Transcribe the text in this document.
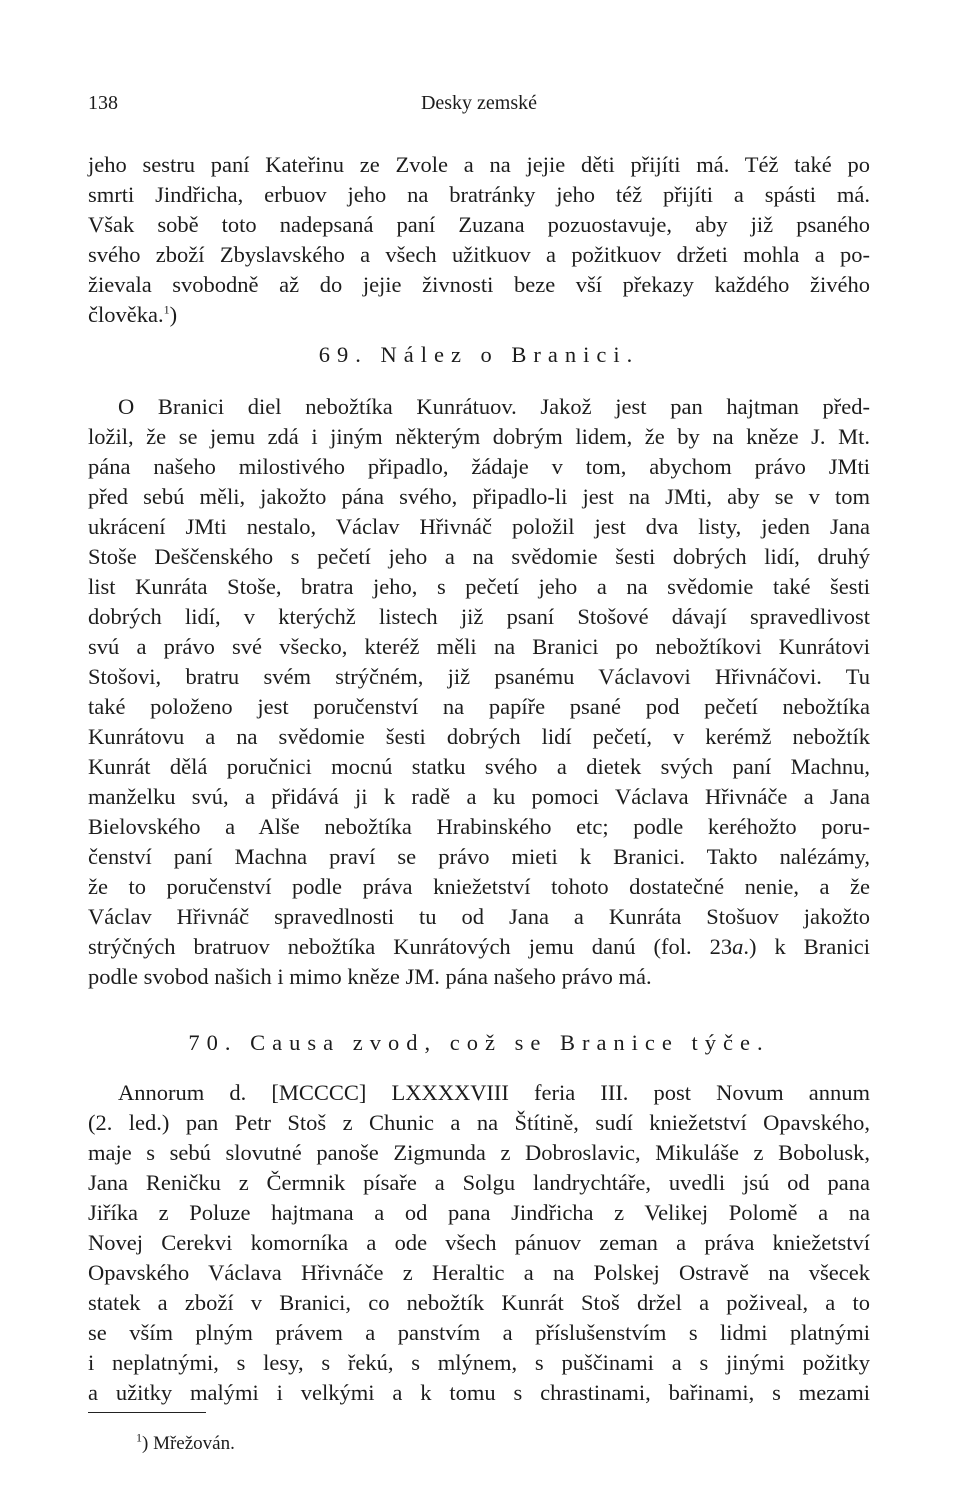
138	Desky zemské
jeho sestru paní Kateřinu ze Zvole a na jejie děti přijíti má. Též také po
smrti Jindřicha, erbuov jeho na bratránky jeho též přijíti a spásti má.
Však sobě toto nadepsaná paní Zuzana pozuostavuje, aby již psaného
svého zboží Zbyslavského a všech užitkuov a požitkuov držeti mohla a po-
žievala svobodně až do jejie živnosti beze vší překazy každého živého
člověka.$^1$)
69. Nález o Branici.
O Branici diel nebožtíka Kunrátuov. Jakož jest pan hajtman před-
ložil, že se jemu zdá i jiným některým dobrým lidem, že by na kněze J. Mt.
pána našeho milostivého připadlo, žádaje v tom, abychom právo JMti
před sebú měli, jakožto pána svého, připadlo-li jest na JMti, aby se v tom
ukrácení JMti nestalo, Václav Hřivnáč položil jest dva listy, jeden Jana
Stoše Deščenského s pečetí jeho a na svědomie šesti dobrých lidí, druhý
list Kunráta Stoše, bratra jeho, s pečetí jeho a na svědomie také šesti
dobrých lidí, v kterýchž listech již psaní Stošové dávají spravedlivost
svú a právo své všecko, kteréž měli na Branici po nebožtíkovi Kunrátovi
Stošovi, bratru svém strýčném, již psanému Václavovi Hřivnáčovi. Tu
také položeno jest poručenství na papíře psané pod pečetí nebožtíka
Kunrátovu a na svědomie šesti dobrých lidí pečetí, v kerémž nebožtík
Kunrát dělá poručnici mocnú statku svého a dietek svých paní Machnu,
manželku svú, a přidává ji k radě a ku pomoci Václava Hřivnáče a Jana
Bielovského a Alše nebožtíka Hrabinského etc; podle keréhožto poru-
čenství paní Machna praví se právo mieti k Branici. Takto nalézámy,
že to poručenství podle práva kniežetství tohoto dostatečné nenie, a že
Václav Hřivnáč spravedlnosti tu od Jana a Kunráta Stošuov jakožto
strýčných bratruov nebožtíka Kunrátových jemu danú (fol. 23a.) k Branici
podle svobod našich i mimo kněze JM. pána našeho právo má.
70. Causa zvod, což se Branice týče.
Annorum d. [MCCCC] LXXXXVIII feria III. post Novum annum
(2. led.) pan Petr Stoš z Chunic a na Štítině, sudí kniežetství Opavského,
maje s sebú slovutné panoše Zigmunda z Dobroslavic, Mikuláše z Bobolusk,
Jana Reničku z Čermnik písaře a Solgu landrychtáře, uvedli jsú od pana
Jiříka z Poluze hajtmana a od pana Jindřicha z Velikej Polomě a na
Novej Cerekvi komorníka a ode všech pánuov zeman a práva kniežetství
Opavského Václava Hřivnáče z Heraltic a na Polskej Ostravě na všecek
statek a zboží v Branici, co nebožtík Kunrát Stoš držel a poživeal, a to
se vším plným právem a panstvím a příslušenstvím s lidmi platnými
i neplatnými, s lesy, s řekú, s mlýnem, s puščinami a s jinými požitky
a užitky malými i velkými a k tomu s chrastinami, bařinami, s mezami
$^1$) Mřežován.
